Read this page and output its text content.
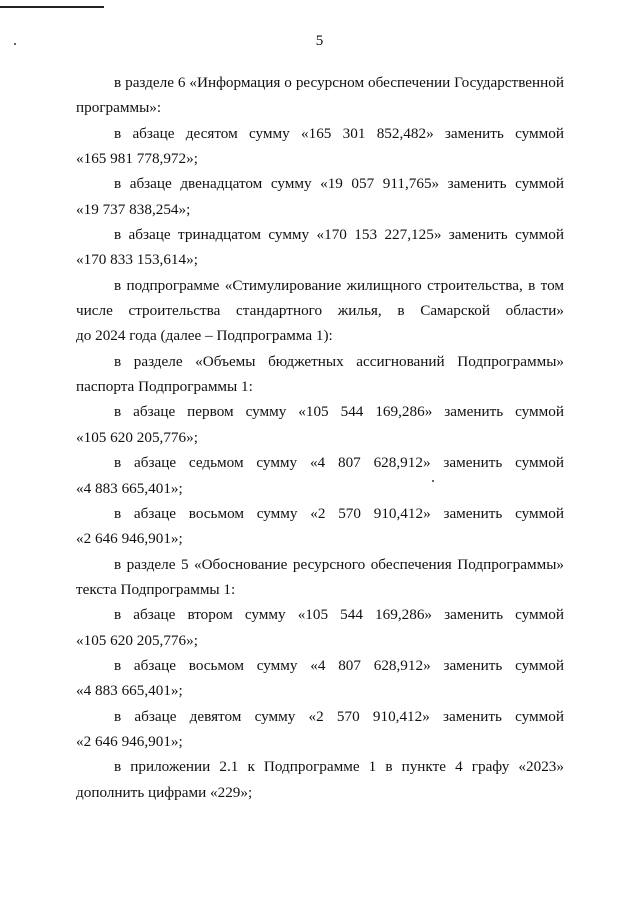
5

в разделе 6 «Информация о ресурсном обеспечении Государственной

программы»:

в абзаце десятом сумму «165 301 852,482» заменить суммой

«165 981 778,972»;

в абзаце двенадцатом сумму «19 057 911,765» заменить суммой

«19 737 838,254»;

в абзаце тринадцатом сумму «170 153 227,125» заменить суммой

«170 833 153,614»;

в подпрограмме «Стимулирование жилищного строительства, в том

числе строительства стандартного жилья, в Самарской области»

до 2024 года (далее – Подпрограмма 1):

в разделе «Объемы бюджетных ассигнований Подпрограммы»

паспорта Подпрограммы 1:

в абзаце первом сумму «105 544 169,286» заменить суммой

«105 620 205,776»;

в абзаце седьмом сумму «4 807 628,912» заменить суммой

«4 883 665,401»;

в абзаце восьмом сумму «2 570 910,412» заменить суммой

«2 646 946,901»;

в разделе 5 «Обоснование ресурсного обеспечения Подпрограммы»

текста Подпрограммы 1:

в абзаце втором сумму «105 544 169,286» заменить суммой

«105 620 205,776»;

в абзаце восьмом сумму «4 807 628,912» заменить суммой

«4 883 665,401»;

в абзаце девятом сумму «2 570 910,412» заменить суммой

«2 646 946,901»;

в приложении 2.1 к Подпрограмме 1 в пункте 4 графу «2023»

дополнить цифрами «229»;
